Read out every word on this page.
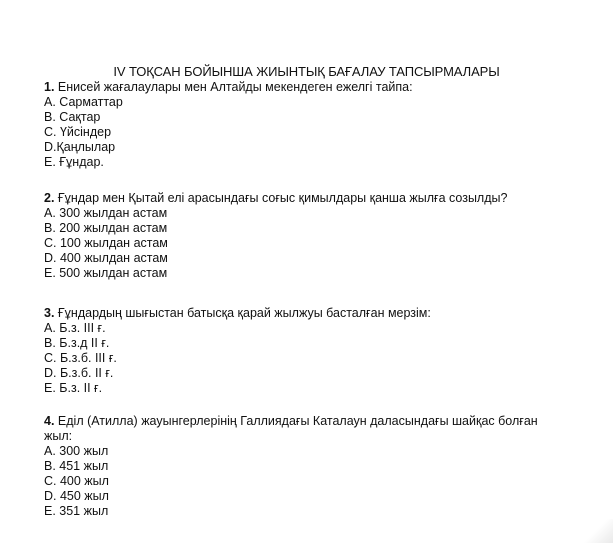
IV ТОҚСАН БОЙЫНША ЖИЫНТЫҚ БАҒАЛАУ ТАПСЫРМАЛАРЫ
1. Енисей жағалаулары мен Алтайды мекендеген ежелгі тайпа:
А. Сарматтар
В. Сақтар
С. Үйсіндер
D.Қаңлылар
Е. Ғұндар.
2. Ғұндар мен Қытай елі арасындағы соғыс қимылдары қанша жылға созылды?
А. 300 жылдан астам
В. 200 жылдан астам
С. 100 жылдан астам
D. 400 жылдан астам
Е. 500 жылдан астам
3. Ғұндардың шығыстан батысқа қарай жылжуы басталған мерзім:
А. Б.з. ІІІ ғ.
В. Б.з.д ІІ ғ.
С. Б.з.б. ІІІ ғ.
D. Б.з.б. ІІ ғ.
Е. Б.з. ІІ ғ.
4. Еділ (Атилла) жауынгерлерінің Галлиядағы Каталаун даласындағы шайқас болған жыл:
А. 300 жыл
В. 451 жыл
С. 400 жыл
D. 450 жыл
Е. 351 жыл
